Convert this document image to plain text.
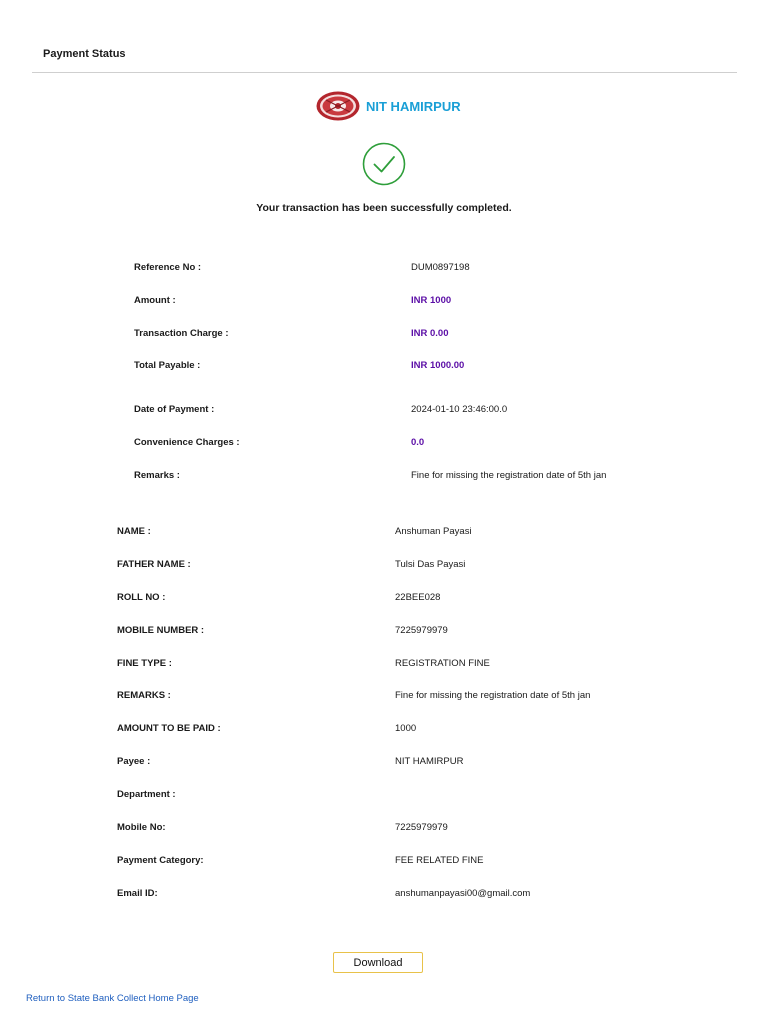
Payment Status
NIT HAMIRPUR
Your transaction has been successfully completed.
Reference No :	DUM0897198
Amount :	INR 1000
Transaction Charge :	INR 0.00
Total Payable :	INR 1000.00
Date of Payment :	2024-01-10 23:46:00.0
Convenience Charges :	0.0
Remarks :	Fine for missing the registration date of 5th jan
NAME :	Anshuman Payasi
FATHER NAME :	Tulsi Das Payasi
ROLL NO :	22BEE028
MOBILE NUMBER :	7225979979
FINE TYPE :	REGISTRATION FINE
REMARKS :	Fine for missing the registration date of 5th jan
AMOUNT TO BE PAID :	1000
Payee :	NIT HAMIRPUR
Department :
Mobile No:	7225979979
Payment Category:	FEE RELATED FINE
Email ID:	anshumanpayasi00@gmail.com
Download
Return to State Bank Collect Home Page
